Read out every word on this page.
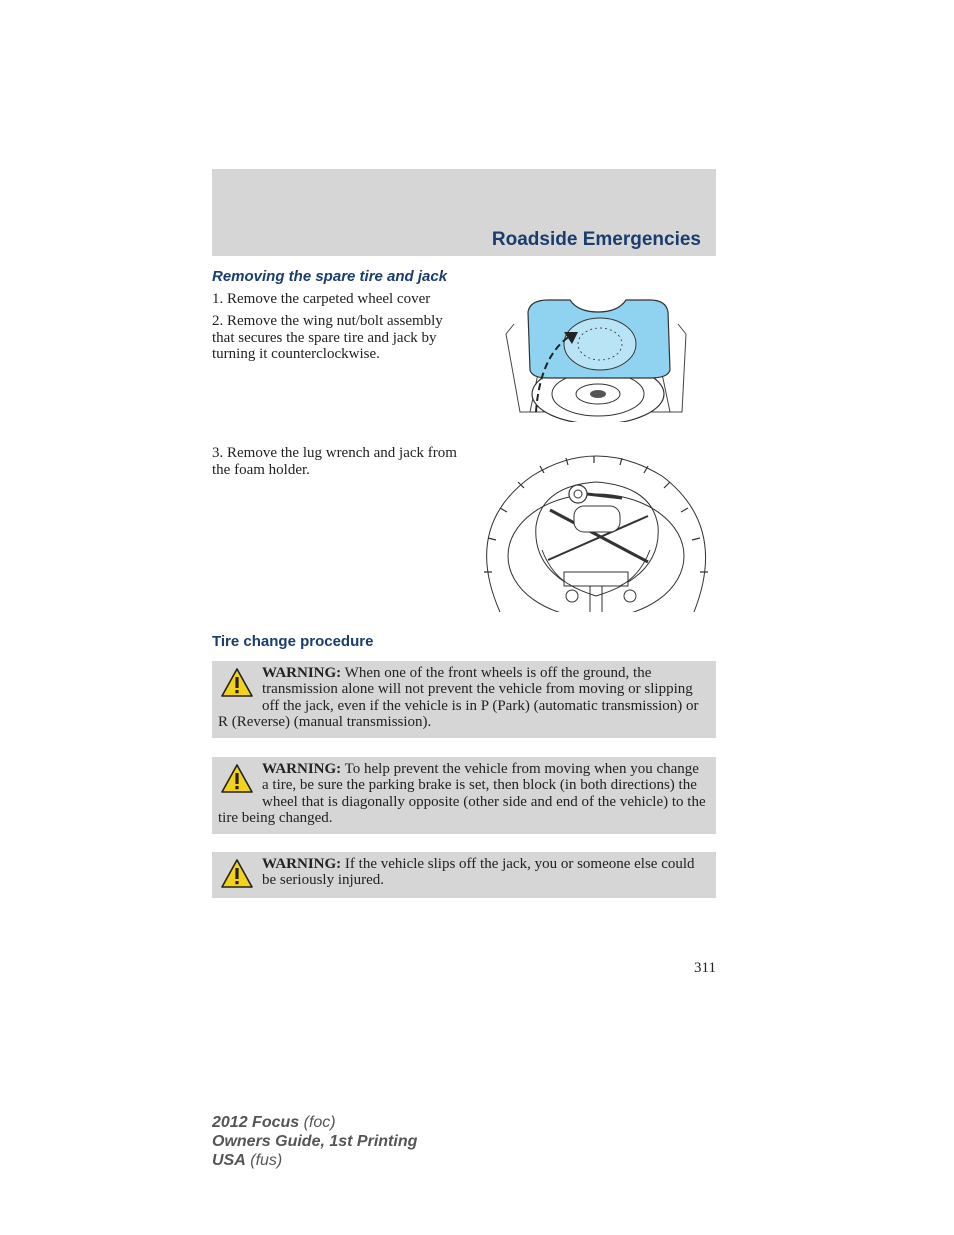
Roadside Emergencies
Removing the spare tire and jack
1. Remove the carpeted wheel cover
2. Remove the wing nut/bolt assembly that secures the spare tire and jack by turning it counterclockwise.
3. Remove the lug wrench and jack from the foam holder.
Tire change procedure
WARNING: When one of the front wheels is off the ground, the transmission alone will not prevent the vehicle from moving or slipping off the jack, even if the vehicle is in P (Park) (automatic transmission) or R (Reverse) (manual transmission).
WARNING: To help prevent the vehicle from moving when you change a tire, be sure the parking brake is set, then block (in both directions) the wheel that is diagonally opposite (other side and end of the vehicle) to the tire being changed.
WARNING: If the vehicle slips off the jack, you or someone else could be seriously injured.
311
2012 Focus (foc)
Owners Guide, 1st Printing
USA (fus)
